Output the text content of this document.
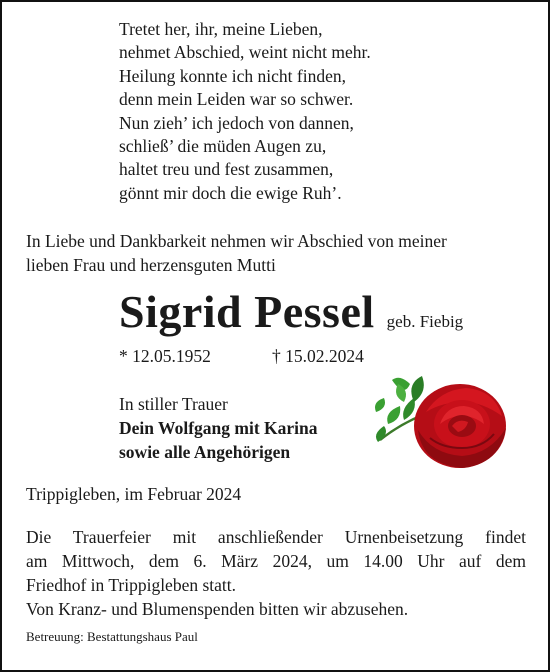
Tretet her, ihr, meine Lieben,
nehmet Abschied, weint nicht mehr.
Heilung konnte ich nicht finden,
denn mein Leiden war so schwer.
Nun zieh’ ich jedoch von dannen,
schließ’ die müden Augen zu,
haltet treu und fest zusammen,
gönnt mir doch die ewige Ruh’.
In Liebe und Dankbarkeit nehmen wir Abschied von meiner
lieben Frau und herzensguten Mutti
Sigrid Pessel geb. Fiebig
* 12.05.1952	† 15.02.2024
In stiller Trauer
Dein Wolfgang mit Karina
sowie alle Angehörigen
Trippigleben, im Februar 2024
Die Trauerfeier mit anschließender Urnenbeisetzung findet
am Mittwoch, dem 6. März 2024, um 14.00 Uhr auf dem
Friedhof in Trippigleben statt.
Von Kranz- und Blumenspenden bitten wir abzusehen.
Betreuung: Bestattungshaus Paul
